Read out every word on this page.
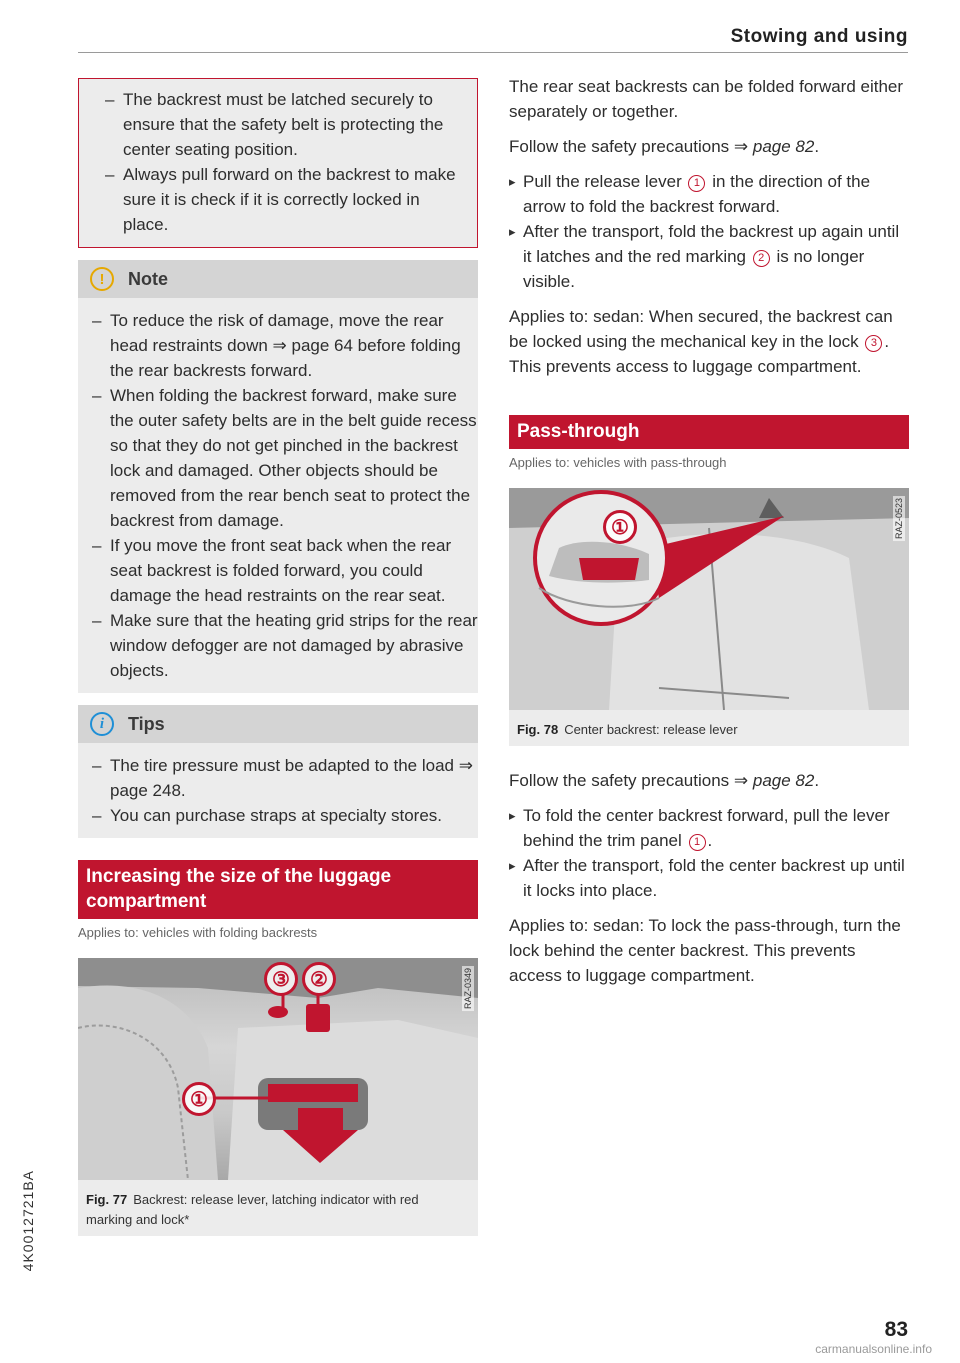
Stowing and using
– The backrest must be latched securely to ensure that the safety belt is protecting the center seating position.
– Always pull forward on the backrest to make sure it is check if it is correctly locked in place.
!	Note
– To reduce the risk of damage, move the rear head restraints down ⇒ page 64 before folding the rear backrests forward.
– When folding the backrest forward, make sure the outer safety belts are in the belt guide recess so that they do not get pinched in the backrest lock and damaged. Other objects should be removed from the rear bench seat to protect the backrest from damage.
– If you move the front seat back when the rear seat backrest is folded forward, you could damage the head restraints on the rear seat.
– Make sure that the heating grid strips for the rear window defogger are not damaged by abrasive objects.
i	Tips
– The tire pressure must be adapted to the load ⇒ page 248.
– You can purchase straps at specialty stores.
Increasing the size of the luggage compartment
Applies to: vehicles with folding backrests
③	②
①
RAZ-0349
Fig. 77 Backrest: release lever, latching indicator with red marking and lock*

The rear seat backrests can be folded forward either separately or together.

Follow the safety precautions ⇒ page 82.

▸ Pull the release lever 1 in the direction of the arrow to fold the backrest forward.
▸ After the transport, fold the backrest up again until it latches and the red marking 2 is no longer visible.

Applies to: sedan: When secured, the backrest can be locked using the mechanical key in the lock 3 . This prevents access to luggage compartment.

Pass-through
Applies to: vehicles with pass-through
①	RAZ-0523
Fig. 78 Center backrest: release lever

Follow the safety precautions ⇒ page 82.

▸ To fold the center backrest forward, pull the lever behind the trim panel 1 .
▸ After the transport, fold the center backrest up until it locks into place.

Applies to: sedan: To lock the pass-through, turn the lock behind the center backrest. This prevents access to luggage compartment.

4K0012721BA
83
carmanualsonline.info
